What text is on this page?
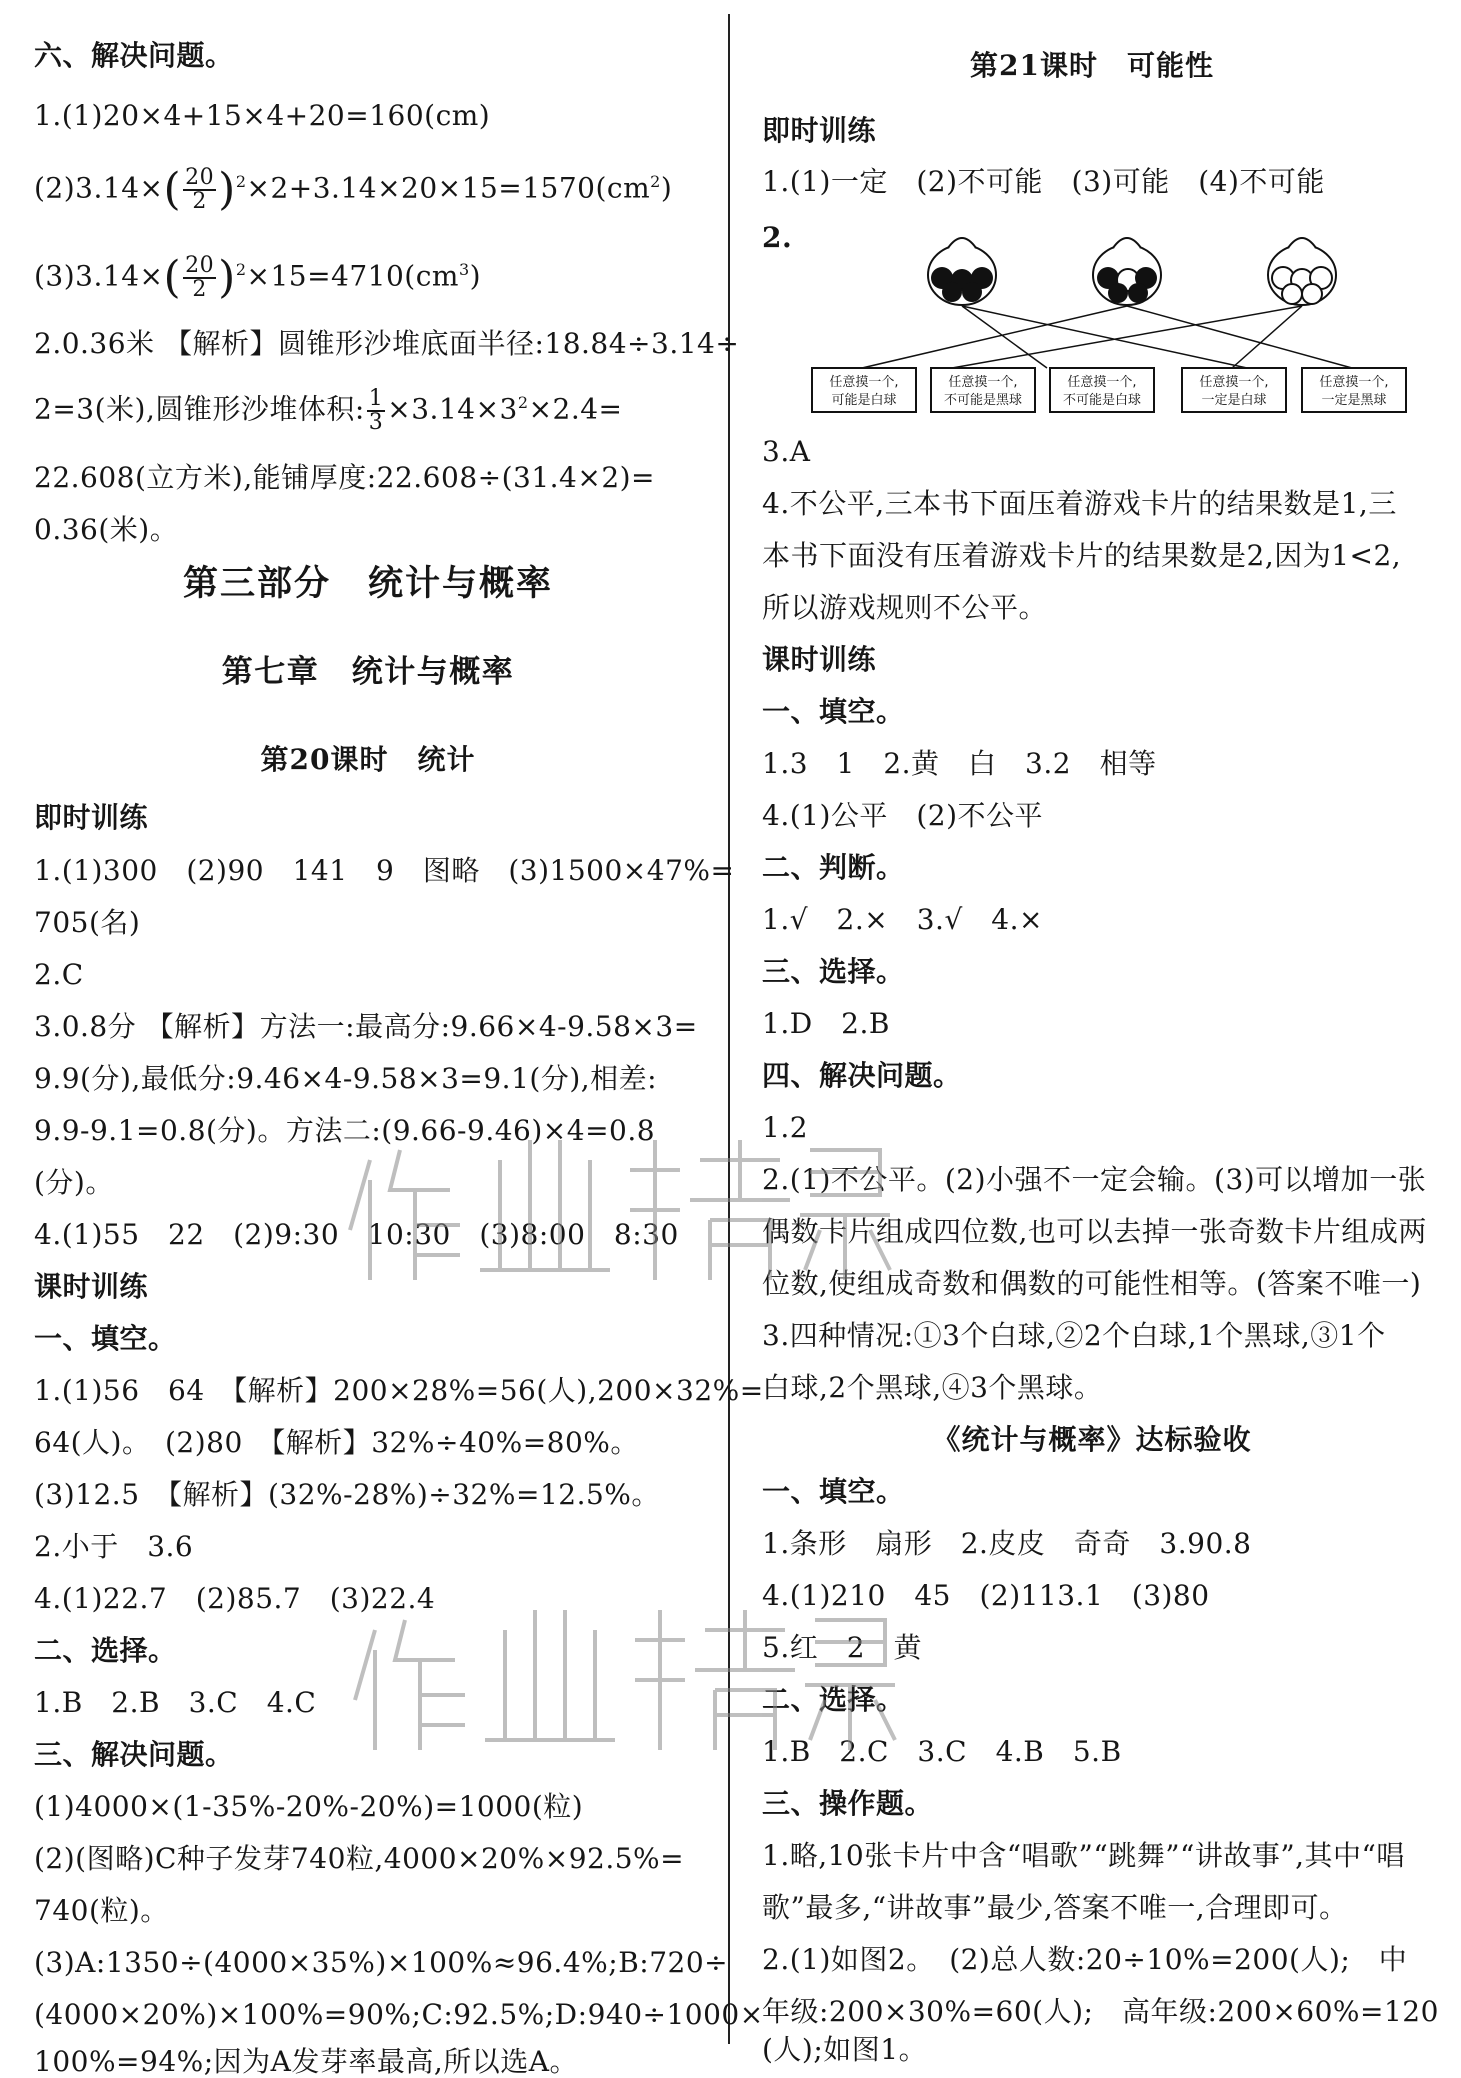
六、解决问题。
1.(1)20×4+15×4+20=160(cm)
$(2)3.14\times( \frac{20}{2} )^2\times 2+3.14\times 20\times 15=1570(cm^2)$
$(3)3.14\times( \frac{20}{2} )^2\times 15=4710(cm^3)$
2.0.36米 【解析】圆锥形沙堆底面半径:18.84÷3.14÷
2=3(米),圆锥形沙堆体积: $\frac{1}{3} \times 3.14\times 3^2\times 2.4=$
22.608(立方米),能铺厚度:22.608÷(31.4×2)=
0.36(米)。
第三部分　统计与概率
第七章　统计与概率
第20课时　统计
即时训练
1.(1)300　(2)90　141　9　图略　(3)1500×47%=
705(名)
2.C
3.0.8分 【解析】方法一:最高分:9.66×4-9.58×3=
9.9(分),最低分:9.46×4-9.58×3=9.1(分),相差:
9.9-9.1=0.8(分)。方法二:(9.66-9.46)×4=0.8
(分)。
4.(1)55　22　(2)9:30　10:30　(3)8:00　8:30
课时训练
一、填空。
1.(1)56　64　【解析】200×28%=56(人),200×32%=
64(人)。　(2)80　【解析】32%÷40%=80%。
(3)12.5　【解析】(32%-28%)÷32%=12.5%。
2.小于　3.6
4.(1)22.7　(2)85.7　(3)22.4
二、选择。
1.B　2.B　3.C　4.C
三、解决问题。
(1)4000×(1-35%-20%-20%)=1000(粒)
(2)(图略)C种子发芽740粒,4000×20%×92.5%=
740(粒)。
(3)A:1350÷(4000×35%)×100%≈96.4%;B:720÷
(4000×20%)×100%=90%;C:92.5%;D:940÷1000×
100%=94%;因为A发芽率最高,所以选A。
第21课时　可能性
即时训练
1.(1)一定　(2)不可能　(3)可能　(4)不可能
2.
任意摸一个,
可能是白球
任意摸一个,
不可能是黑球
任意摸一个,
不可能是白球
任意摸一个,
一定是白球
任意摸一个,
一定是黑球
3.A
4.不公平,三本书下面压着游戏卡片的结果数是1,三
本书下面没有压着游戏卡片的结果数是2,因为1<2,
所以游戏规则不公平。
课时训练
一、填空。
1.3　1　2.黄　白　3.2　相等
4.(1)公平　(2)不公平
二、判断。
1.√　2.×　3.√　4.×
三、选择。
1.D　2.B
四、解决问题。
1.2
2.(1)不公平。(2)小强不一定会输。(3)可以增加一张
偶数卡片组成四位数,也可以去掉一张奇数卡片组成两
位数,使组成奇数和偶数的可能性相等。(答案不唯一)
3.四种情况:①3个白球,②2个白球,1个黑球,③1个
白球,2个黑球,④3个黑球。
《统计与概率》达标验收
一、填空。
1.条形　扇形　2.皮皮　奇奇　3.90.8
4.(1)210　45　(2)113.1　(3)80
5.红　2　黄
二、选择。
1.B　2.C　3.C　4.B　5.B
三、操作题。
1.略,10张卡片中含“唱歌”“跳舞”“讲故事”,其中“唱
歌”最多,“讲故事”最少,答案不唯一,合理即可。
2.(1)如图2。　(2)总人数:20÷10%=200(人);　中
年级:200×30%=60(人);　高年级:200×60%=120
(人);如图1。
